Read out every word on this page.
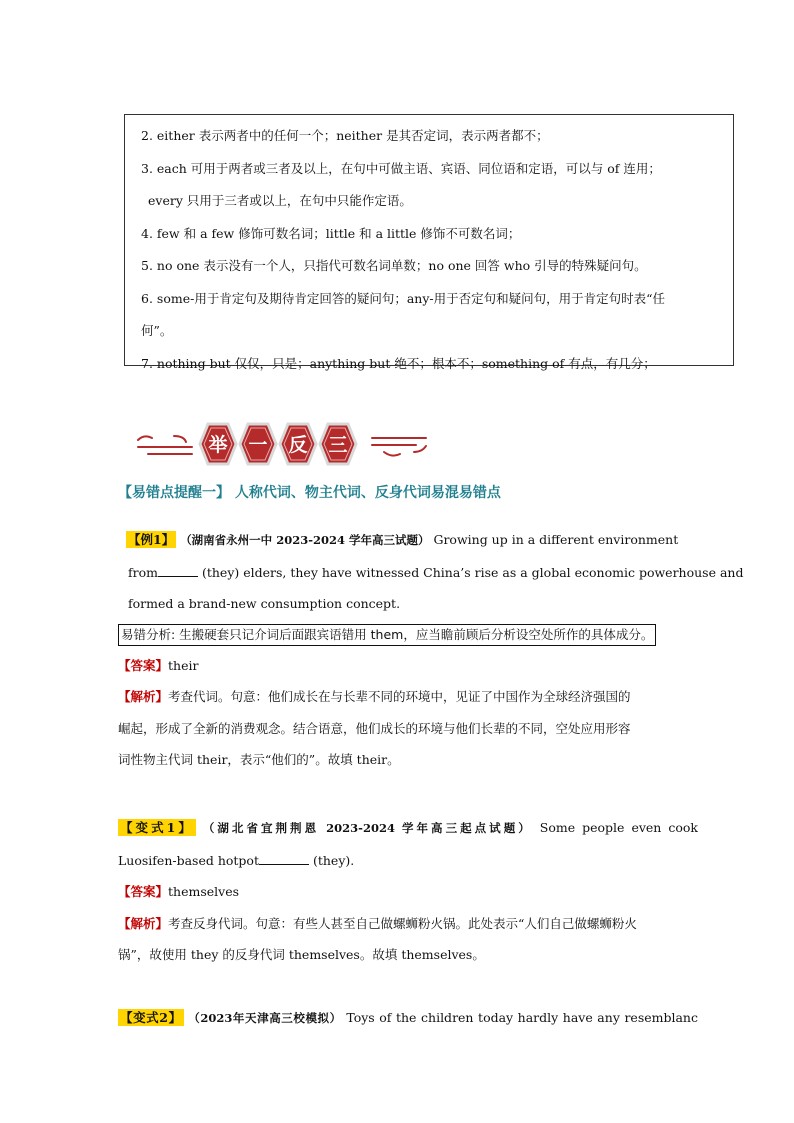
2. either 表示两者中的任何一个；neither 是其否定词，表示两者都不；
3. each 可用于两者或三者及以上，在句中可做主语、宾语、同位语和定语，可以与 of 连用；
every 只用于三者或以上，在句中只能作定语。
4. few 和 a few 修饰可数名词；little 和 a little 修饰不可数名词；
5. no one 表示没有一个人，只指代可数名词单数；no one 回答 who 引导的特殊疑问句。
6. some-用于肯定句及期待肯定回答的疑问句；any-用于否定句和疑问句，用于肯定句时表“任
何”。
7. nothing but 仅仅，只是；anything but 绝不；根本不；something of 有点，有几分；
举 一 反 三
【易错点提醒一】 人称代词、物主代词、反身代词易混易错点
【例1】 （湖南省永州一中 2023-2024 学年高三试题） Growing up in a different environment
from	(they) elders, they have witnessed China’s rise as a global economic powerhouse and
formed a brand-new consumption concept.
易错分析: 生搬硬套只记介词后面跟宾语错用 them，应当瞻前顾后分析设空处所作的具体成分。
【答案】their
【解析】考查代词。句意：他们成长在与长辈不同的环境中，见证了中国作为全球经济强国的
崛起，形成了全新的消费观念。结合语意，他们成长的环境与他们长辈的不同，空处应用形容
词性物主代词 their，表示“他们的”。故填 their。
【变式1】 （湖北省宜荆荆恩 2023-2024 学年高三起点试题） Some people even cook
Luosifen-based hotpot	(they).
【答案】themselves
【解析】考查反身代词。句意：有些人甚至自己做螺蛳粉火锅。此处表示“人们自己做螺蛳粉火
锅”，故使用 they 的反身代词 themselves。故填 themselves。
【变式2】 （2023年天津高三校模拟） Toys of the children today hardly have any resemblanc
